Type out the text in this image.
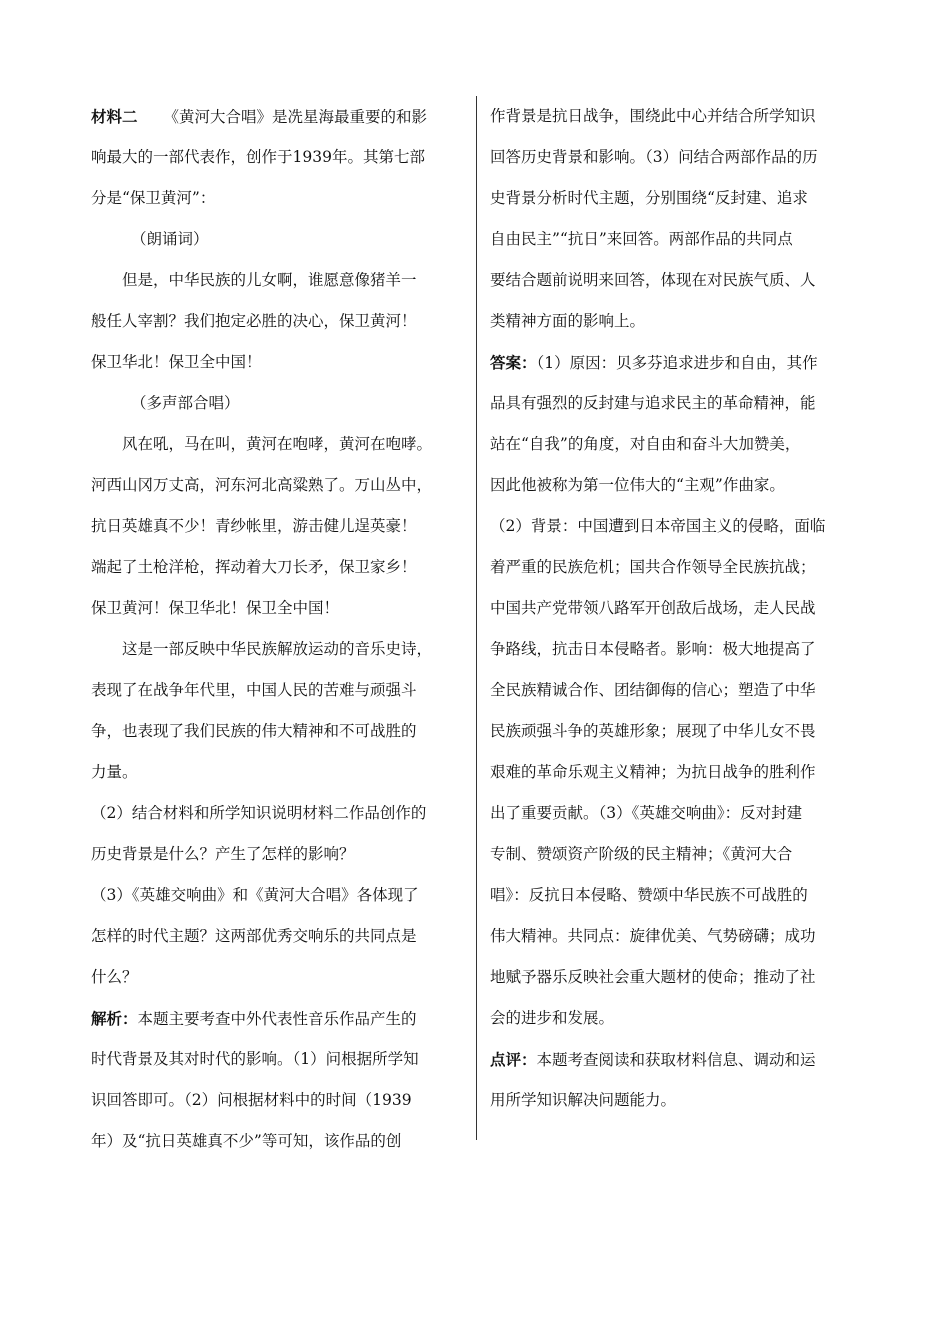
材料二 《黄河大合唱》是冼星海最重要的和影
响最大的一部代表作，创作于1939年。其第七部
分是“保卫黄河”：
（朗诵词）
但是，中华民族的儿女啊，谁愿意像猪羊一
般任人宰割？我们抱定必胜的决心，保卫黄河！
保卫华北！保卫全中国！
（多声部合唱）
风在吼，马在叫，黄河在咆哮，黄河在咆哮。
河西山冈万丈高，河东河北高粱熟了。万山丛中，
抗日英雄真不少！青纱帐里，游击健儿逞英豪！
端起了土枪洋枪，挥动着大刀长矛，保卫家乡！
保卫黄河！保卫华北！保卫全中国！
这是一部反映中华民族解放运动的音乐史诗，
表现了在战争年代里，中国人民的苦难与顽强斗
争，也表现了我们民族的伟大精神和不可战胜的
力量。
（2）结合材料和所学知识说明材料二作品创作的
历史背景是什么？产生了怎样的影响？
（3）《英雄交响曲》和《黄河大合唱》各体现了
怎样的时代主题？这两部优秀交响乐的共同点是
什么？
解析：本题主要考查中外代表性音乐作品产生的
时代背景及其对时代的影响。（1）问根据所学知
识回答即可。（2）问根据材料中的时间（1939
年）及“抗日英雄真不少”等可知，该作品的创
作背景是抗日战争，围绕此中心并结合所学知识
回答历史背景和影响。（3）问结合两部作品的历
史背景分析时代主题，分别围绕“反封建、追求
自由民主”“抗日”来回答。两部作品的共同点
要结合题前说明来回答，体现在对民族气质、人
类精神方面的影响上。
答案：（1）原因：贝多芬追求进步和自由，其作
品具有强烈的反封建与追求民主的革命精神，能
站在“自我”的角度，对自由和奋斗大加赞美，
因此他被称为第一位伟大的“主观”作曲家。
（2）背景：中国遭到日本帝国主义的侵略，面临
着严重的民族危机；国共合作领导全民族抗战；
中国共产党带领八路军开创敌后战场，走人民战
争路线，抗击日本侵略者。影响：极大地提高了
全民族精诚合作、团结御侮的信心；塑造了中华
民族顽强斗争的英雄形象；展现了中华儿女不畏
艰难的革命乐观主义精神；为抗日战争的胜利作
出了重要贡献。（3）《英雄交响曲》：反对封建
专制、赞颂资产阶级的民主精神；《黄河大合
唱》：反抗日本侵略、赞颂中华民族不可战胜的
伟大精神。共同点：旋律优美、气势磅礴；成功
地赋予器乐反映社会重大题材的使命；推动了社
会的进步和发展。
点评：本题考查阅读和获取材料信息、调动和运
用所学知识解决问题能力。
